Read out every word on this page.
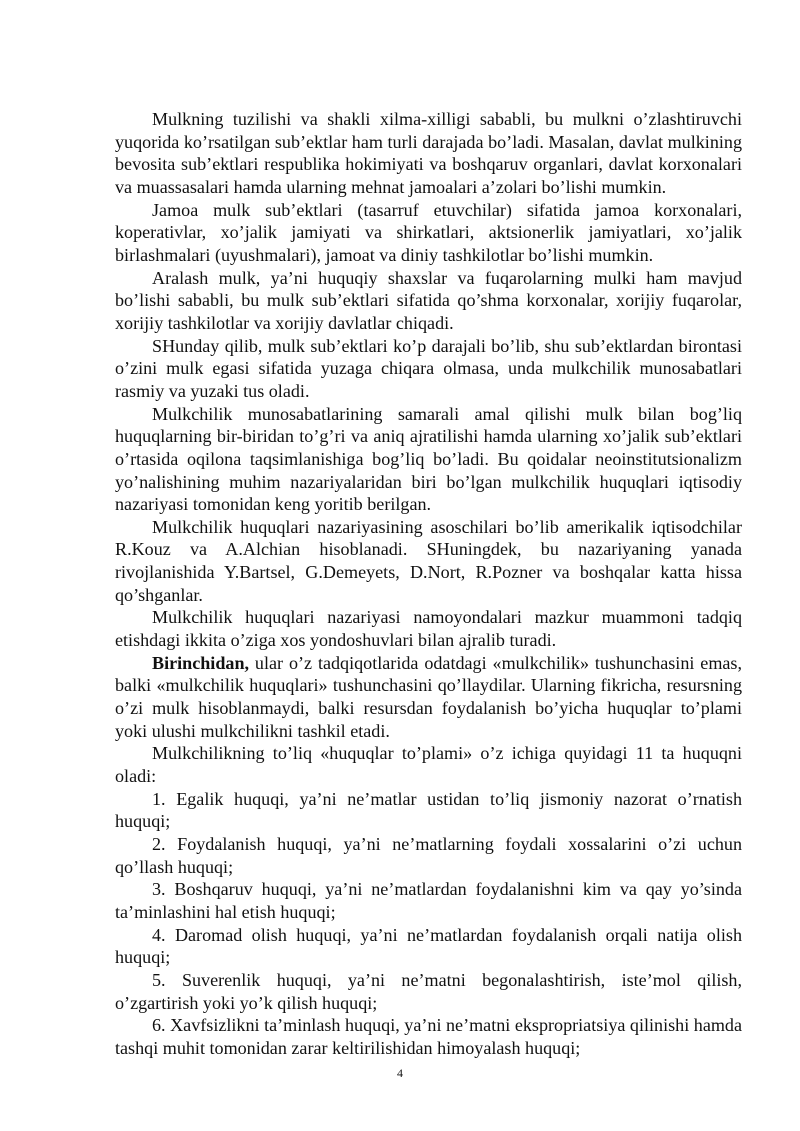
Mulkning tuzilishi va shakli xilma-xilligi sababli, bu mulkni o’zlashtiruvchi yuqorida ko’rsatilgan sub’ektlar ham turli darajada bo’ladi. Masalan, davlat mulkining bevosita sub’ektlari respublika hokimiyati va boshqaruv organlari, davlat korxonalari va muassasalari hamda ularning mehnat jamoalari a’zolari bo’lishi mumkin.

Jamoa mulk sub’ektlari (tasarruf etuvchilar) sifatida jamoa korxonalari, koperativlar, xo’jalik jamiyati va shirkatlari, aktsionerlik jamiyatlari, xo’jalik birlashmalari (uyushmalari), jamoat va diniy tashkilotlar bo’lishi mumkin.

Aralash mulk, ya’ni huquqiy shaxslar va fuqarolarning mulki ham mavjud bo’lishi sababli, bu mulk sub’ektlari sifatida qo’shma korxonalar, xorijiy fuqarolar, xorijiy tashkilotlar va xorijiy davlatlar chiqadi.

SHunday qilib, mulk sub’ektlari ko’p darajali bo’lib, shu sub’ektlardan birontasi o’zini mulk egasi sifatida yuzaga chiqara olmasa, unda mulkchilik munosabatlari rasmiy va yuzaki tus oladi.

Mulkchilik munosabatlarining samarali amal qilishi mulk bilan bog’liq huquqlarning bir-biridan to’g’ri va aniq ajratilishi hamda ularning xo’jalik sub’ektlari o’rtasida oqilona taqsimlanishiga bog’liq bo’ladi. Bu qoidalar neoinstitutsionalizm yo’nalishining muhim nazariyalaridan biri bo’lgan mulkchilik huquqlari iqtisodiy nazariyasi tomonidan keng yoritib berilgan.

Mulkchilik huquqlari nazariyasining asoschilari bo’lib amerikalik iqtisodchilar R.Kouz va A.Alchian hisoblanadi. SHuningdek, bu nazariyaning yanada rivojlanishida Y.Bartsel, G.Demeyets, D.Nort, R.Pozner va boshqalar katta hissa qo’shganlar.

Mulkchilik huquqlari nazariyasi namoyondalari mazkur muammoni tadqiq etishdagi ikkita o’ziga xos yondoshuvlari bilan ajralib turadi.

Birinchidan, ular o’z tadqiqotlarida odatdagi «mulkchilik» tushunchasini emas, balki «mulkchilik huquqlari» tushunchasini qo’llaydilar. Ularning fikricha, resursning o’zi mulk hisoblanmaydi, balki resursdan foydalanish bo’yicha huquqlar to’plami yoki ulushi mulkchilikni tashkil etadi.

Mulkchilikning to’liq «huquqlar to’plami» o’z ichiga quyidagi 11 ta huquqni oladi:

1. Egalik huquqi, ya’ni ne’matlar ustidan to’liq jismoniy nazorat o’rnatish huquqi;

2. Foydalanish huquqi, ya’ni ne’matlarning foydali xossalarini o’zi uchun qo’llash huquqi;

3. Boshqaruv huquqi, ya’ni ne’matlardan foydalanishni kim va qay yo’sinda ta’minlashini hal etish huquqi;

4. Daromad olish huquqi, ya’ni ne’matlardan foydalanish orqali natija olish huquqi;

5. Suverenlik huquqi, ya’ni ne’matni begonalashtirish, iste’mol qilish, o’zgartirish yoki yo’k qilish huquqi;

6. Xavfsizlikni ta’minlash huquqi, ya’ni ne’matni ekspropriatsiya qilinishi hamda tashqi muhit tomonidan zarar keltirilishidan himoyalash huquqi;

4
